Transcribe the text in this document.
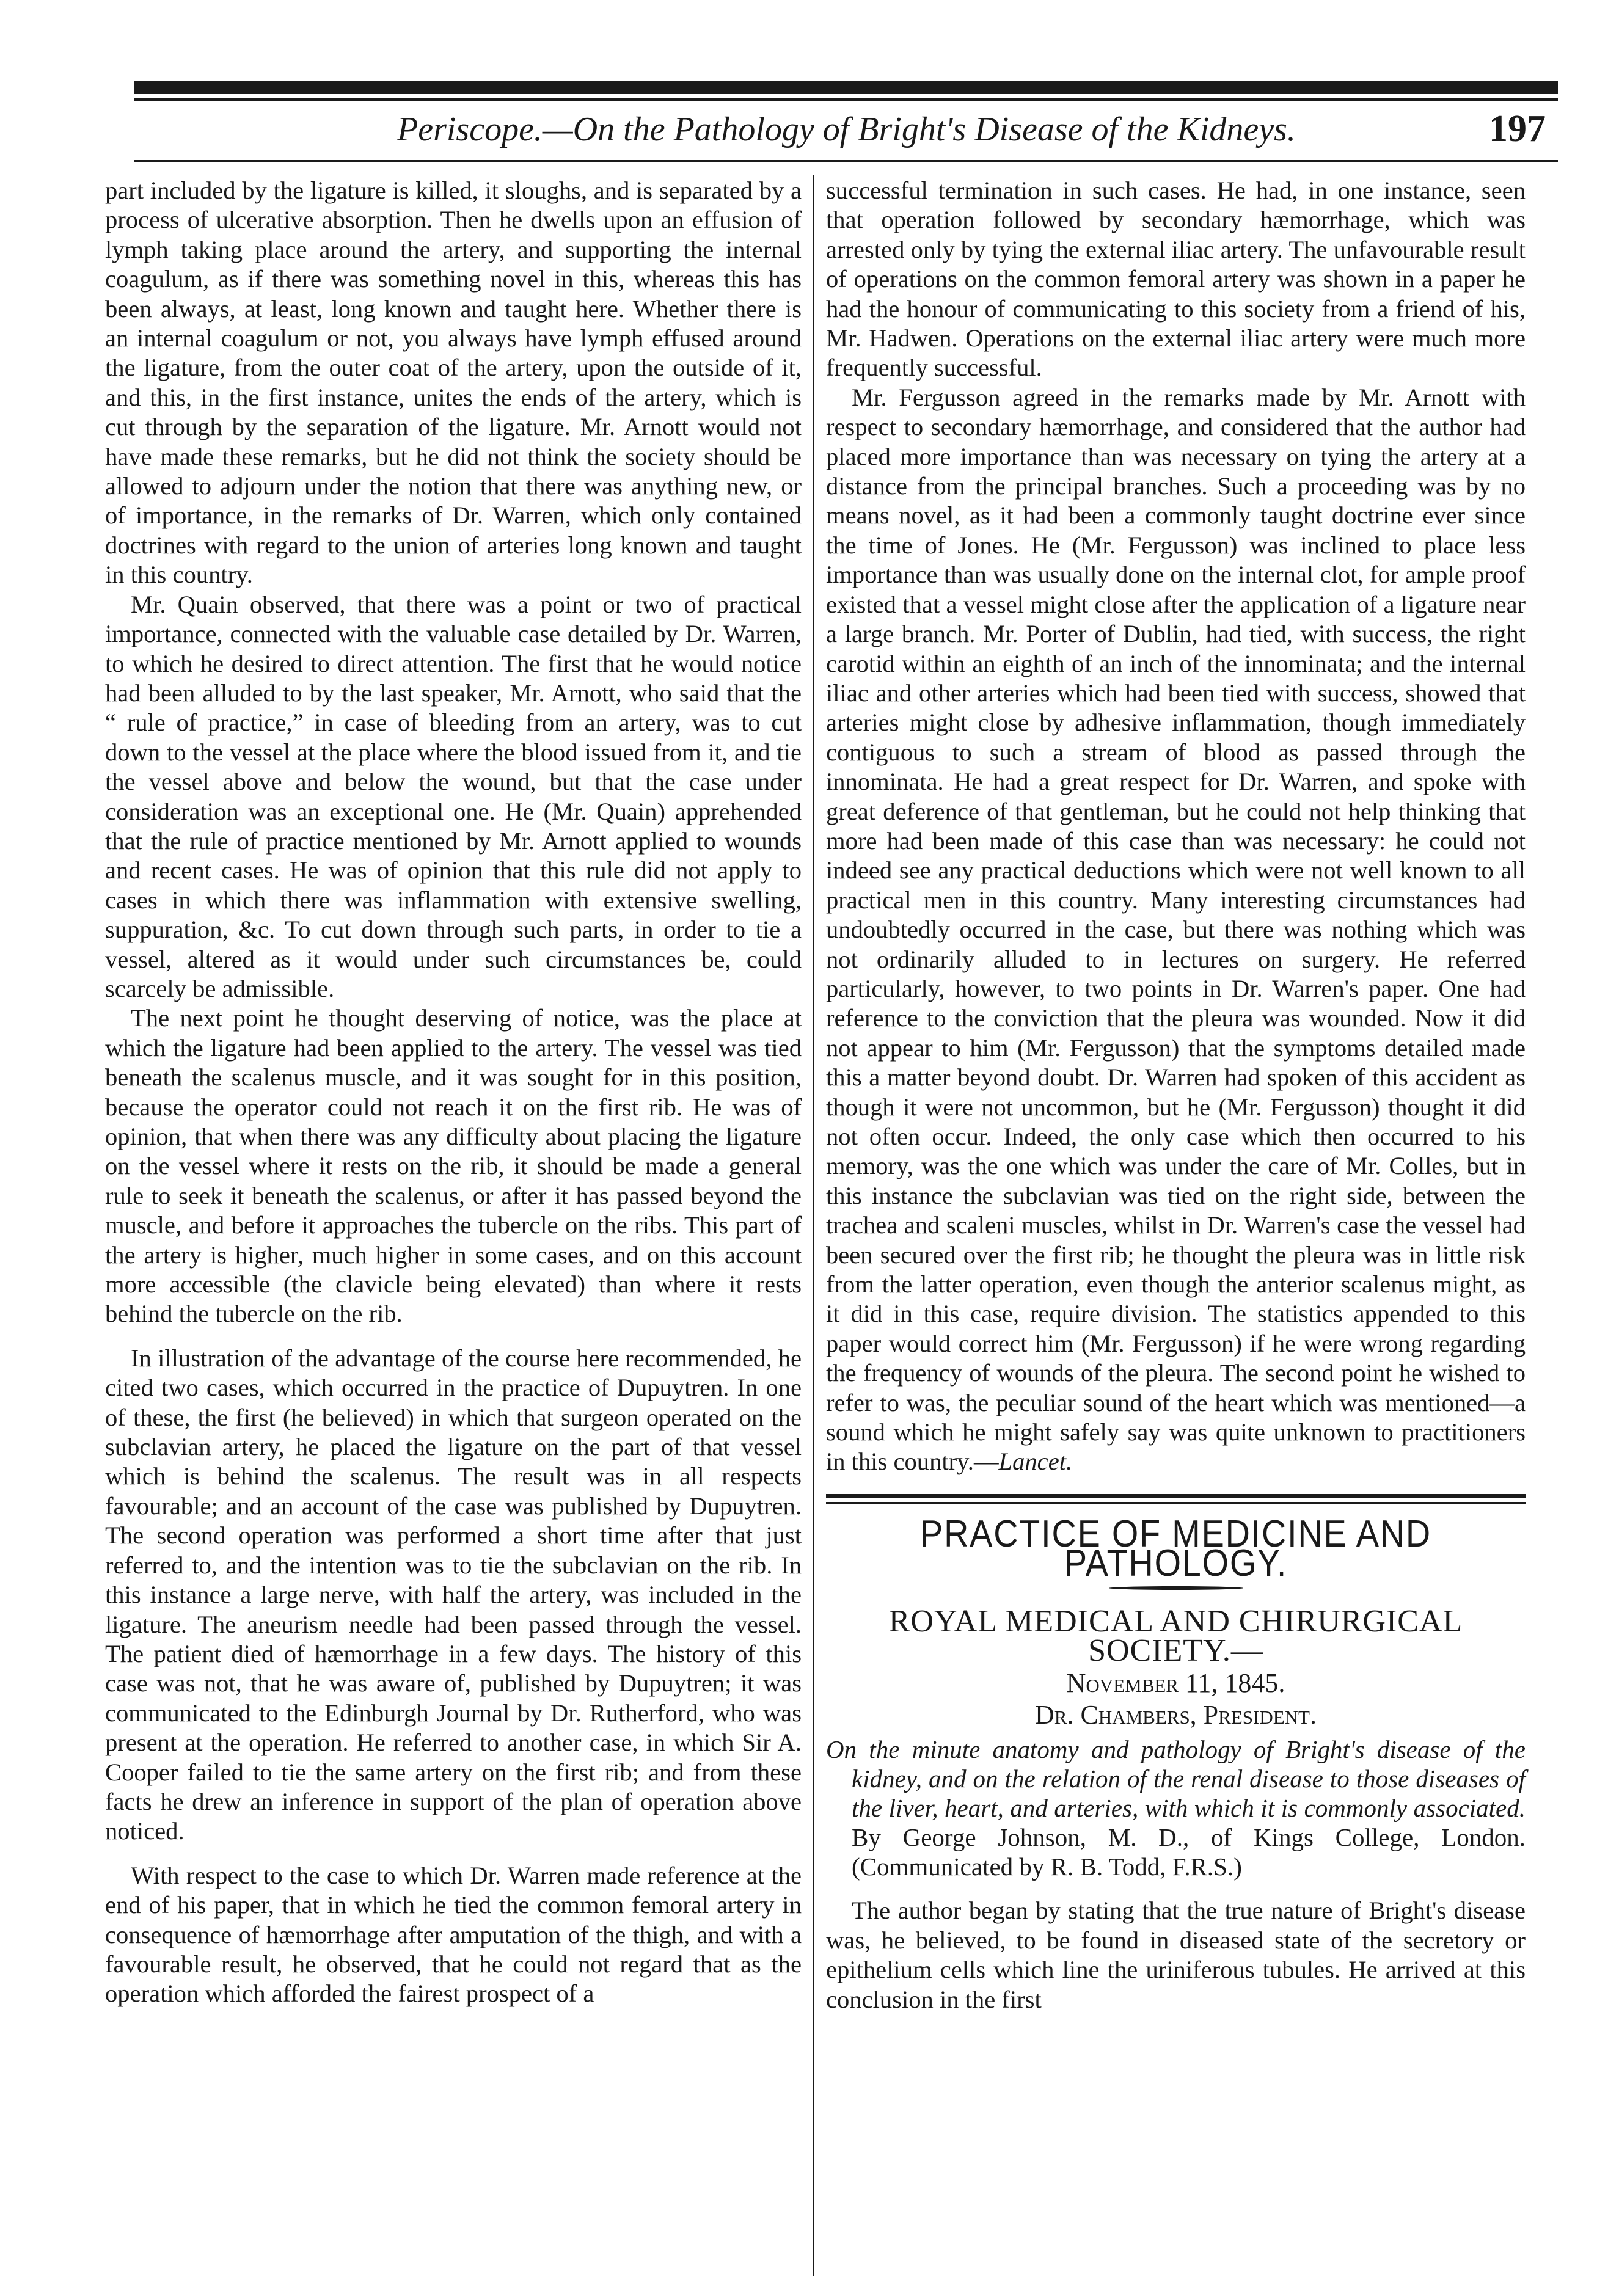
Periscope.—On the Pathology of Bright's Disease of the Kidneys.	197

part included by the ligature is killed, it sloughs, and is separated by a process of ulcerative absorption. Then he dwells upon an effusion of lymph taking place around the artery, and supporting the internal coagulum, as if there was something novel in this, whereas this has been always, at least, long known and taught here. Whether there is an internal coagulum or not, you always have lymph effused around the ligature, from the outer coat of the artery, upon the outside of it, and this, in the first instance, unites the ends of the artery, which is cut through by the separation of the ligature. Mr. Arnott would not have made these remarks, but he did not think the society should be allowed to adjourn under the notion that there was anything new, or of importance, in the remarks of Dr. Warren, which only contained doctrines with regard to the union of arteries long known and taught in this country.

Mr. Quain observed, that there was a point or two of practical importance, connected with the valuable case detailed by Dr. Warren, to which he desired to direct attention. The first that he would notice had been alluded to by the last speaker, Mr. Arnott, who said that the “ rule of practice,” in case of bleeding from an artery, was to cut down to the vessel at the place where the blood issued from it, and tie the vessel above and below the wound, but that the case under consideration was an exceptional one. He (Mr. Quain) apprehended that the rule of practice mentioned by Mr. Arnott applied to wounds and recent cases. He was of opinion that this rule did not apply to cases in which there was inflammation with extensive swelling, suppuration, &c. To cut down through such parts, in order to tie a vessel, altered as it would under such circumstances be, could scarcely be admissible.

The next point he thought deserving of notice, was the place at which the ligature had been applied to the artery. The vessel was tied beneath the scalenus muscle, and it was sought for in this position, because the operator could not reach it on the first rib. He was of opinion, that when there was any difficulty about placing the ligature on the vessel where it rests on the rib, it should be made a general rule to seek it beneath the scalenus, or after it has passed beyond the muscle, and before it approaches the tubercle on the ribs. This part of the artery is higher, much higher in some cases, and on this account more accessible (the clavicle being elevated) than where it rests behind the tubercle on the rib.

In illustration of the advantage of the course here recommended, he cited two cases, which occurred in the practice of Dupuytren. In one of these, the first (he believed) in which that surgeon operated on the subclavian artery, he placed the ligature on the part of that vessel which is behind the scalenus. The result was in all respects favourable; and an account of the case was published by Dupuytren. The second operation was performed a short time after that just referred to, and the intention was to tie the subclavian on the rib. In this instance a large nerve, with half the artery, was included in the ligature. The aneurism needle had been passed through the vessel. The patient died of hæmorrhage in a few days. The history of this case was not, that he was aware of, published by Dupuytren; it was communicated to the Edinburgh Journal by Dr. Rutherford, who was present at the operation. He referred to another case, in which Sir A. Cooper failed to tie the same artery on the first rib; and from these facts he drew an inference in support of the plan of operation above noticed.

With respect to the case to which Dr. Warren made reference at the end of his paper, that in which he tied the common femoral artery in consequence of hæmorrhage after amputation of the thigh, and with a favourable result, he observed, that he could not regard that as the operation which afforded the fairest prospect of a

successful termination in such cases. He had, in one instance, seen that operation followed by secondary hæmorrhage, which was arrested only by tying the external iliac artery. The unfavourable result of operations on the common femoral artery was shown in a paper he had the honour of communicating to this society from a friend of his, Mr. Hadwen. Operations on the external iliac artery were much more frequently successful.

Mr. Fergusson agreed in the remarks made by Mr. Arnott with respect to secondary hæmorrhage, and considered that the author had placed more importance than was necessary on tying the artery at a distance from the principal branches. Such a proceeding was by no means novel, as it had been a commonly taught doctrine ever since the time of Jones. He (Mr. Fergusson) was inclined to place less importance than was usually done on the internal clot, for ample proof existed that a vessel might close after the application of a ligature near a large branch. Mr. Porter of Dublin, had tied, with success, the right carotid within an eighth of an inch of the innominata; and the internal iliac and other arteries which had been tied with success, showed that arteries might close by adhesive inflammation, though immediately contiguous to such a stream of blood as passed through the innominata. He had a great respect for Dr. Warren, and spoke with great deference of that gentleman, but he could not help thinking that more had been made of this case than was necessary: he could not indeed see any practical deductions which were not well known to all practical men in this country. Many interesting circumstances had undoubtedly occurred in the case, but there was nothing which was not ordinarily alluded to in lectures on surgery. He referred particularly, however, to two points in Dr. Warren's paper. One had reference to the conviction that the pleura was wounded. Now it did not appear to him (Mr. Fergusson) that the symptoms detailed made this a matter beyond doubt. Dr. Warren had spoken of this accident as though it were not uncommon, but he (Mr. Fergusson) thought it did not often occur. Indeed, the only case which then occurred to his memory, was the one which was under the care of Mr. Colles, but in this instance the subclavian was tied on the right side, between the trachea and scaleni muscles, whilst in Dr. Warren's case the vessel had been secured over the first rib; he thought the pleura was in little risk from the latter operation, even though the anterior scalenus might, as it did in this case, require division. The statistics appended to this paper would correct him (Mr. Fergusson) if he were wrong regarding the frequency of wounds of the pleura. The second point he wished to refer to was, the peculiar sound of the heart which was mentioned—a sound which he might safely say was quite unknown to practitioners in this country.—Lancet.

PRACTICE OF MEDICINE AND PATHOLOGY.

ROYAL MEDICAL AND CHIRURGICAL SOCIETY.—

November 11, 1845.

Dr. Chambers, President.

On the minute anatomy and pathology of Bright's disease of the kidney, and on the relation of the renal disease to those diseases of the liver, heart, and arteries, with which it is commonly associated. By George Johnson, M. D., of Kings College, London. (Communicated by R. B. Todd, F.R.S.)

The author began by stating that the true nature of Bright's disease was, he believed, to be found in diseased state of the secretory or epithelium cells which line the uriniferous tubules. He arrived at this conclusion in the first
